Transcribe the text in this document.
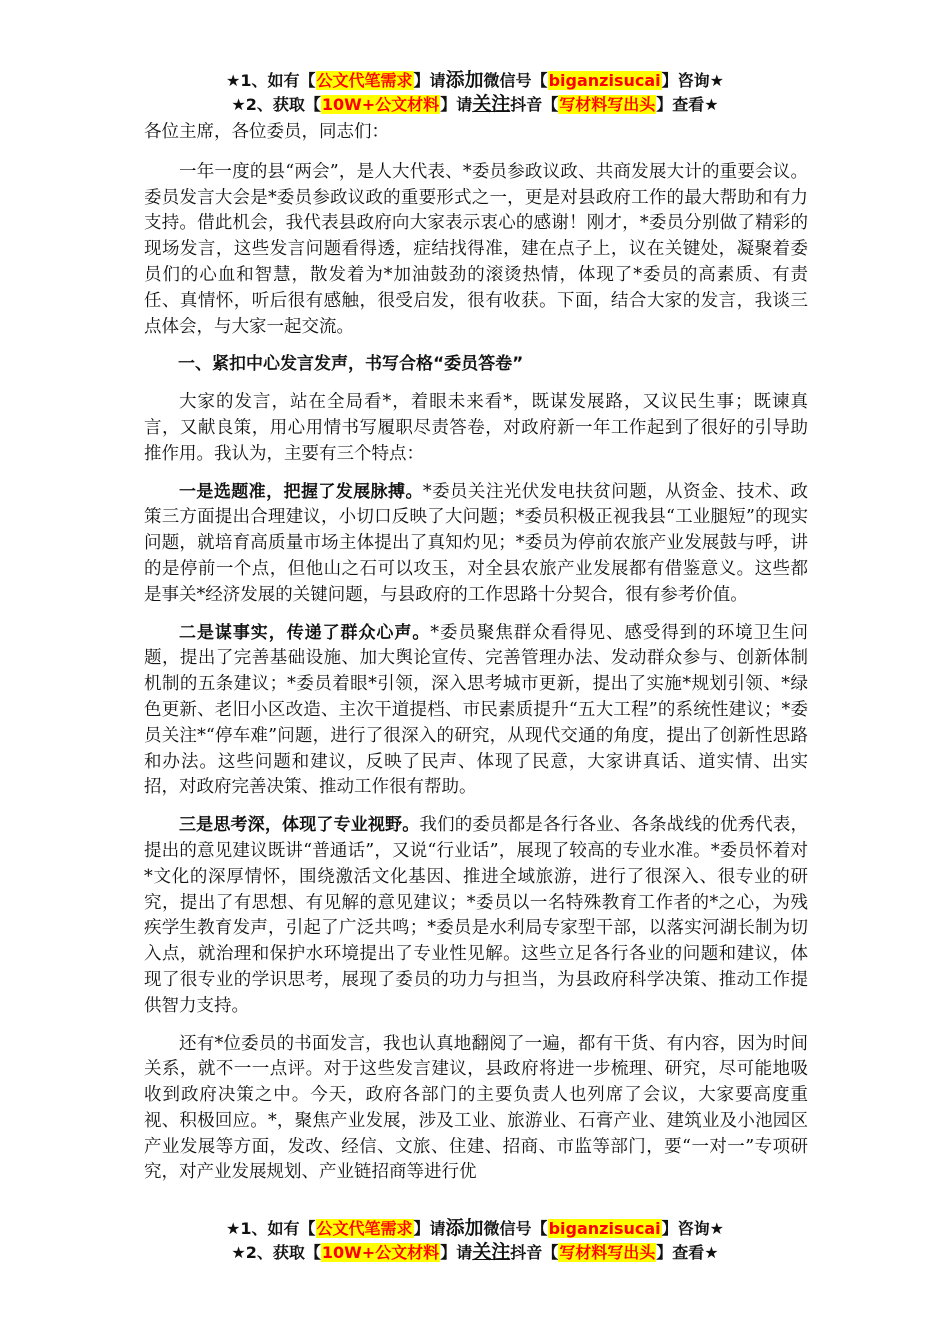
★1、如有【公文代笔需求】请添加微信号【biganzisucai】咨询★
★2、获取【10W+公文材料】请关注抖音【写材料写出头】查看★

各位主席，各位委员，同志们：

一年一度的县“两会”，是人大代表、*委员参政议政、共商发展大计的重要会议。委员发言大会是*委员参政议政的重要形式之一，更是对县政府工作的最大帮助和有力支持。借此机会，我代表县政府向大家表示衷心的感谢！刚才，*委员分别做了精彩的现场发言，这些发言问题看得透，症结找得准，建在点子上，议在关键处，凝聚着委员们的心血和智慧，散发着为*加油鼓劲的滚烫热情，体现了*委员的高素质、有责任、真情怀，听后很有感触，很受启发，很有收获。下面，结合大家的发言，我谈三点体会，与大家一起交流。

一、紧扣中心发言发声，书写合格“委员答卷”

大家的发言，站在全局看*，着眼未来看*，既谋发展路，又议民生事；既谏真言，又献良策，用心用情书写履职尽责答卷，对政府新一年工作起到了很好的引导助推作用。我认为，主要有三个特点：

一是选题准，把握了发展脉搏。*委员关注光伏发电扶贫问题，从资金、技术、政策三方面提出合理建议，小切口反映了大问题；*委员积极正视我县“工业腿短”的现实问题，就培育高质量市场主体提出了真知灼见；*委员为停前农旅产业发展鼓与呼，讲的是停前一个点，但他山之石可以攻玉，对全县农旅产业发展都有借鉴意义。这些都是事关*经济发展的关键问题，与县政府的工作思路十分契合，很有参考价值。

二是谋事实，传递了群众心声。*委员聚焦群众看得见、感受得到的环境卫生问题，提出了完善基础设施、加大舆论宣传、完善管理办法、发动群众参与、创新体制机制的五条建议；*委员着眼*引领，深入思考城市更新，提出了实施*规划引领、*绿色更新、老旧小区改造、主次干道提档、市民素质提升“五大工程”的系统性建议；*委员关注*“停车难”问题，进行了很深入的研究，从现代交通的角度，提出了创新性思路和办法。这些问题和建议，反映了民声、体现了民意，大家讲真话、道实情、出实招，对政府完善决策、推动工作很有帮助。

三是思考深，体现了专业视野。我们的委员都是各行各业、各条战线的优秀代表，提出的意见建议既讲“普通话”，又说“行业话”，展现了较高的专业水准。*委员怀着对*文化的深厚情怀，围绕激活文化基因、推进全域旅游，进行了很深入、很专业的研究，提出了有思想、有见解的意见建议；*委员以一名特殊教育工作者的*之心，为残疾学生教育发声，引起了广泛共鸣；*委员是水利局专家型干部，以落实河湖长制为切入点，就治理和保护水环境提出了专业性见解。这些立足各行各业的问题和建议，体现了很专业的学识思考，展现了委员的功力与担当，为县政府科学决策、推动工作提供智力支持。

还有*位委员的书面发言，我也认真地翻阅了一遍，都有干货、有内容，因为时间关系，就不一一点评。对于这些发言建议，县政府将进一步梳理、研究，尽可能地吸收到政府决策之中。今天，政府各部门的主要负责人也列席了会议，大家要高度重视、积极回应。*，聚焦产业发展，涉及工业、旅游业、石膏产业、建筑业及小池园区产业发展等方面，发改、经信、文旅、住建、招商、市监等部门，要“一对一”专项研究，对产业发展规划、产业链招商等进行优

★1、如有【公文代笔需求】请添加微信号【biganzisucai】咨询★
★2、获取【10W+公文材料】请关注抖音【写材料写出头】查看★
